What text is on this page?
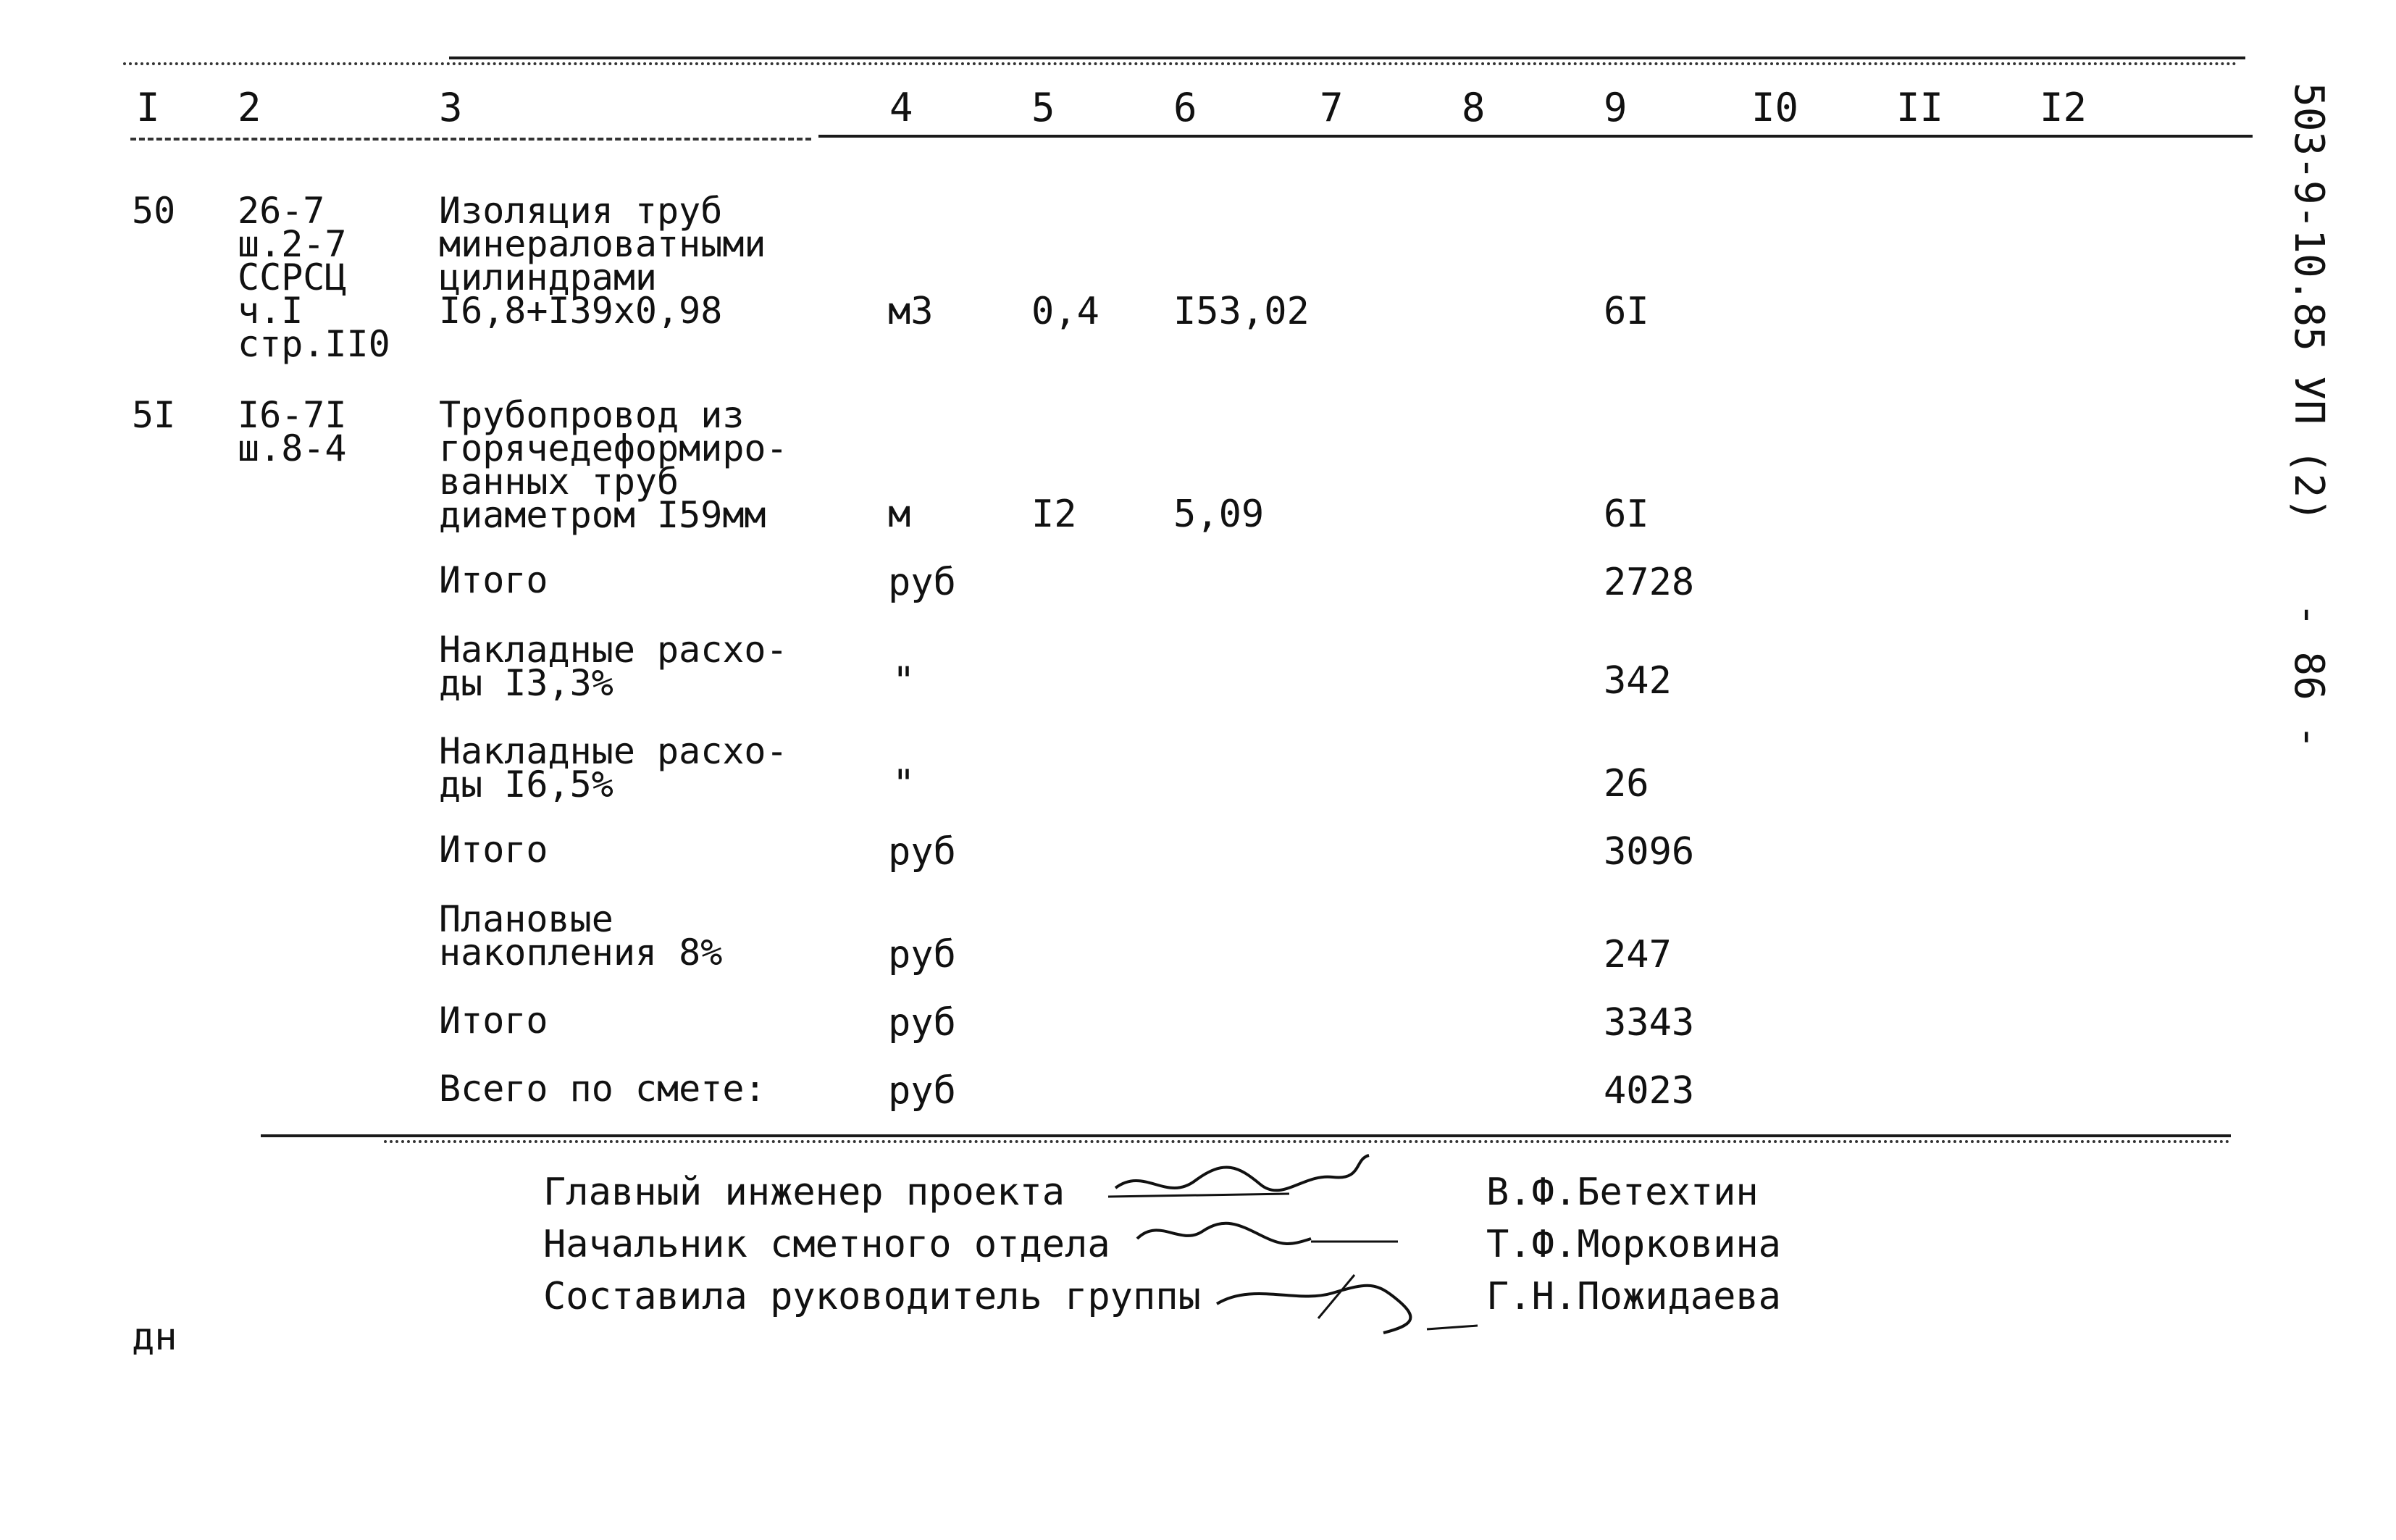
I 2	3	4	5	6	7	8	9	I0 II I2
50 26-7
ш.2-7
ССРСЦ
ч.I
стр.II0
Изоляция труб
минераловатными
цилиндрами
I6,8+I39x0,98	м3	0,4 I53,02	6I
5I I6-7I
ш.8-4
Трубопровод из
горячедеформиро-
ванных труб
диаметром I59мм	м	I2	5,09	6I
Итого	руб	2728
Накладные расхо-
ды I3,3%	"	342
Накладные расхо-
ды I6,5%	"	26
Итого	руб	3096
Плановые
накопления 8%	руб	247
Итого	руб	3343
Всего по смете:	руб	4023
Главный инженер проекта	В.Ф.Бетехтин
Начальник сметного отдела	Т.Ф.Морковина
Составила руководитель группы	Г.Н.Пожидаева
дн
503-9-10.85 УП (2)
- 86 -
